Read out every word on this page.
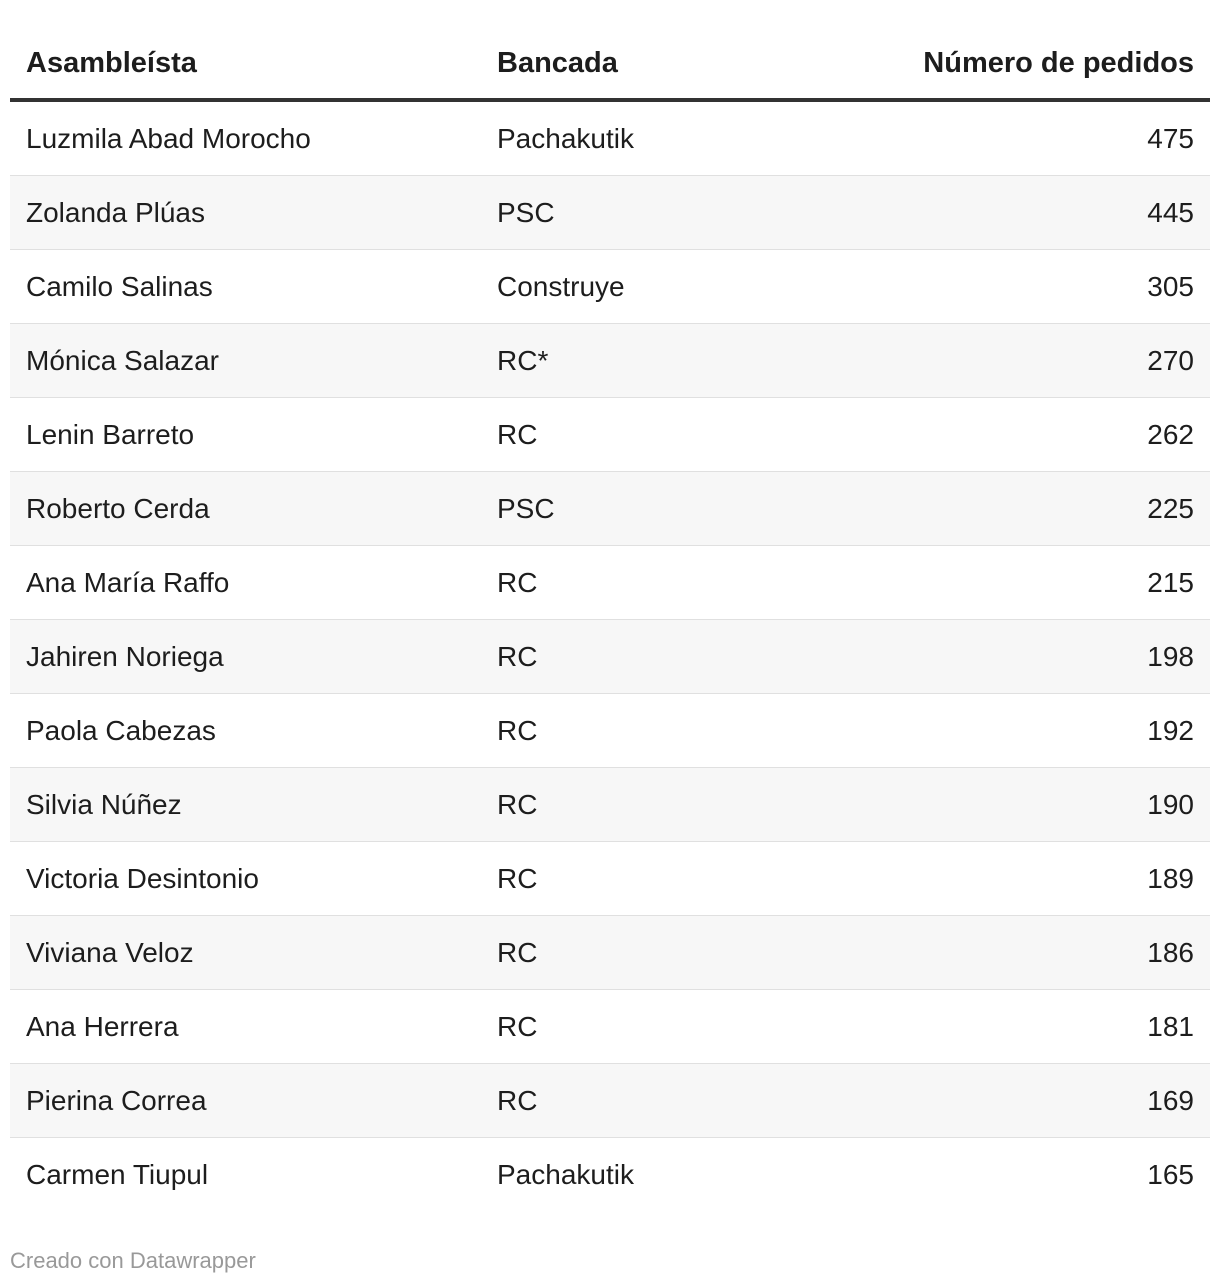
Asambleísta	Bancada	Número de pedidos
Luzmila Abad Morocho	Pachakutik	475
Zolanda Plúas	PSC	445
Camilo Salinas	Construye	305
Mónica Salazar	RC*	270
Lenin Barreto	RC	262
Roberto Cerda	PSC	225
Ana María Raffo	RC	215
Jahiren Noriega	RC	198
Paola Cabezas	RC	192
Silvia Núñez	RC	190
Victoria Desintonio	RC	189
Viviana Veloz	RC	186
Ana Herrera	RC	181
Pierina Correa	RC	169
Carmen Tiupul	Pachakutik	165
Creado con Datawrapper
